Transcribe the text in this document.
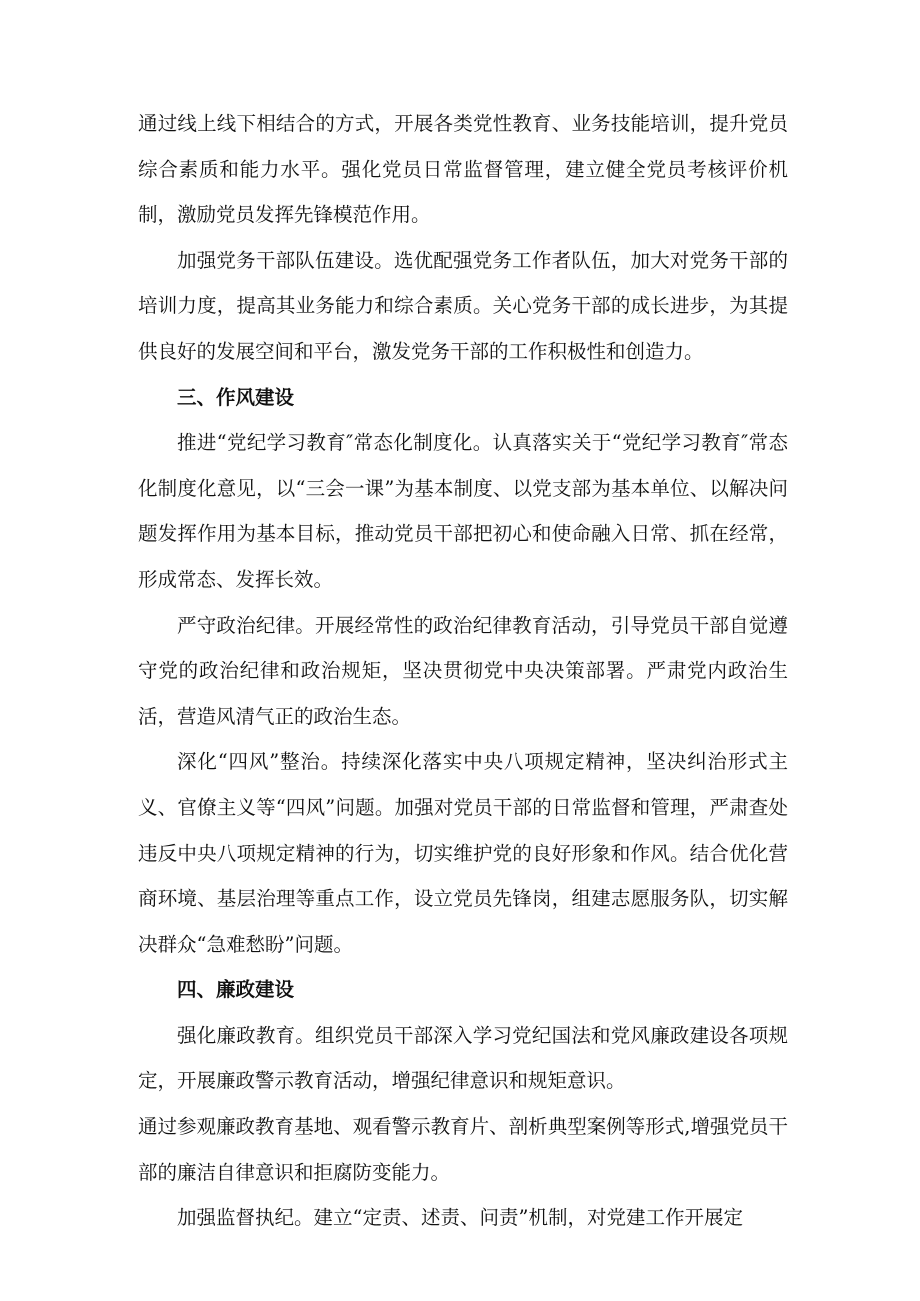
通过线上线下相结合的方式，开展各类党性教育、业务技能培训，提升党员综合素质和能力水平。强化党员日常监督管理，建立健全党员考核评价机制，激励党员发挥先锋模范作用。

加强党务干部队伍建设。选优配强党务工作者队伍，加大对党务干部的培训力度，提高其业务能力和综合素质。关心党务干部的成长进步，为其提供良好的发展空间和平台，激发党务干部的工作积极性和创造力。

三、作风建设

推进“党纪学习教育″常态化制度化。认真落实关于“党纪学习教育″常态化制度化意见，以“三会一课”为基本制度、以党支部为基本单位、以解决问题发挥作用为基本目标，推动党员干部把初心和使命融入日常、抓在经常，形成常态、发挥长效。

严守政治纪律。开展经常性的政治纪律教育活动，引导党员干部自觉遵守党的政治纪律和政治规矩，坚决贯彻党中央决策部署。严肃党内政治生活，营造风清气正的政治生态。

深化“四风”整治。持续深化落实中央八项规定精神，坚决纠治形式主义、官僚主义等“四风”问题。加强对党员干部的日常监督和管理，严肃查处违反中央八项规定精神的行为，切实维护党的良好形象和作风。结合优化营商环境、基层治理等重点工作，设立党员先锋岗，组建志愿服务队，切实解决群众“急难愁盼”问题。

四、廉政建设

强化廉政教育。组织党员干部深入学习党纪国法和党风廉政建设各项规定，开展廉政警示教育活动，增强纪律意识和规矩意识。

通过参观廉政教育基地、观看警示教育片、剖析典型案例等形式,增强党员干部的廉洁自律意识和拒腐防变能力。

加强监督执纪。建立“定责、述责、问责”机制，对党建工作开展定
